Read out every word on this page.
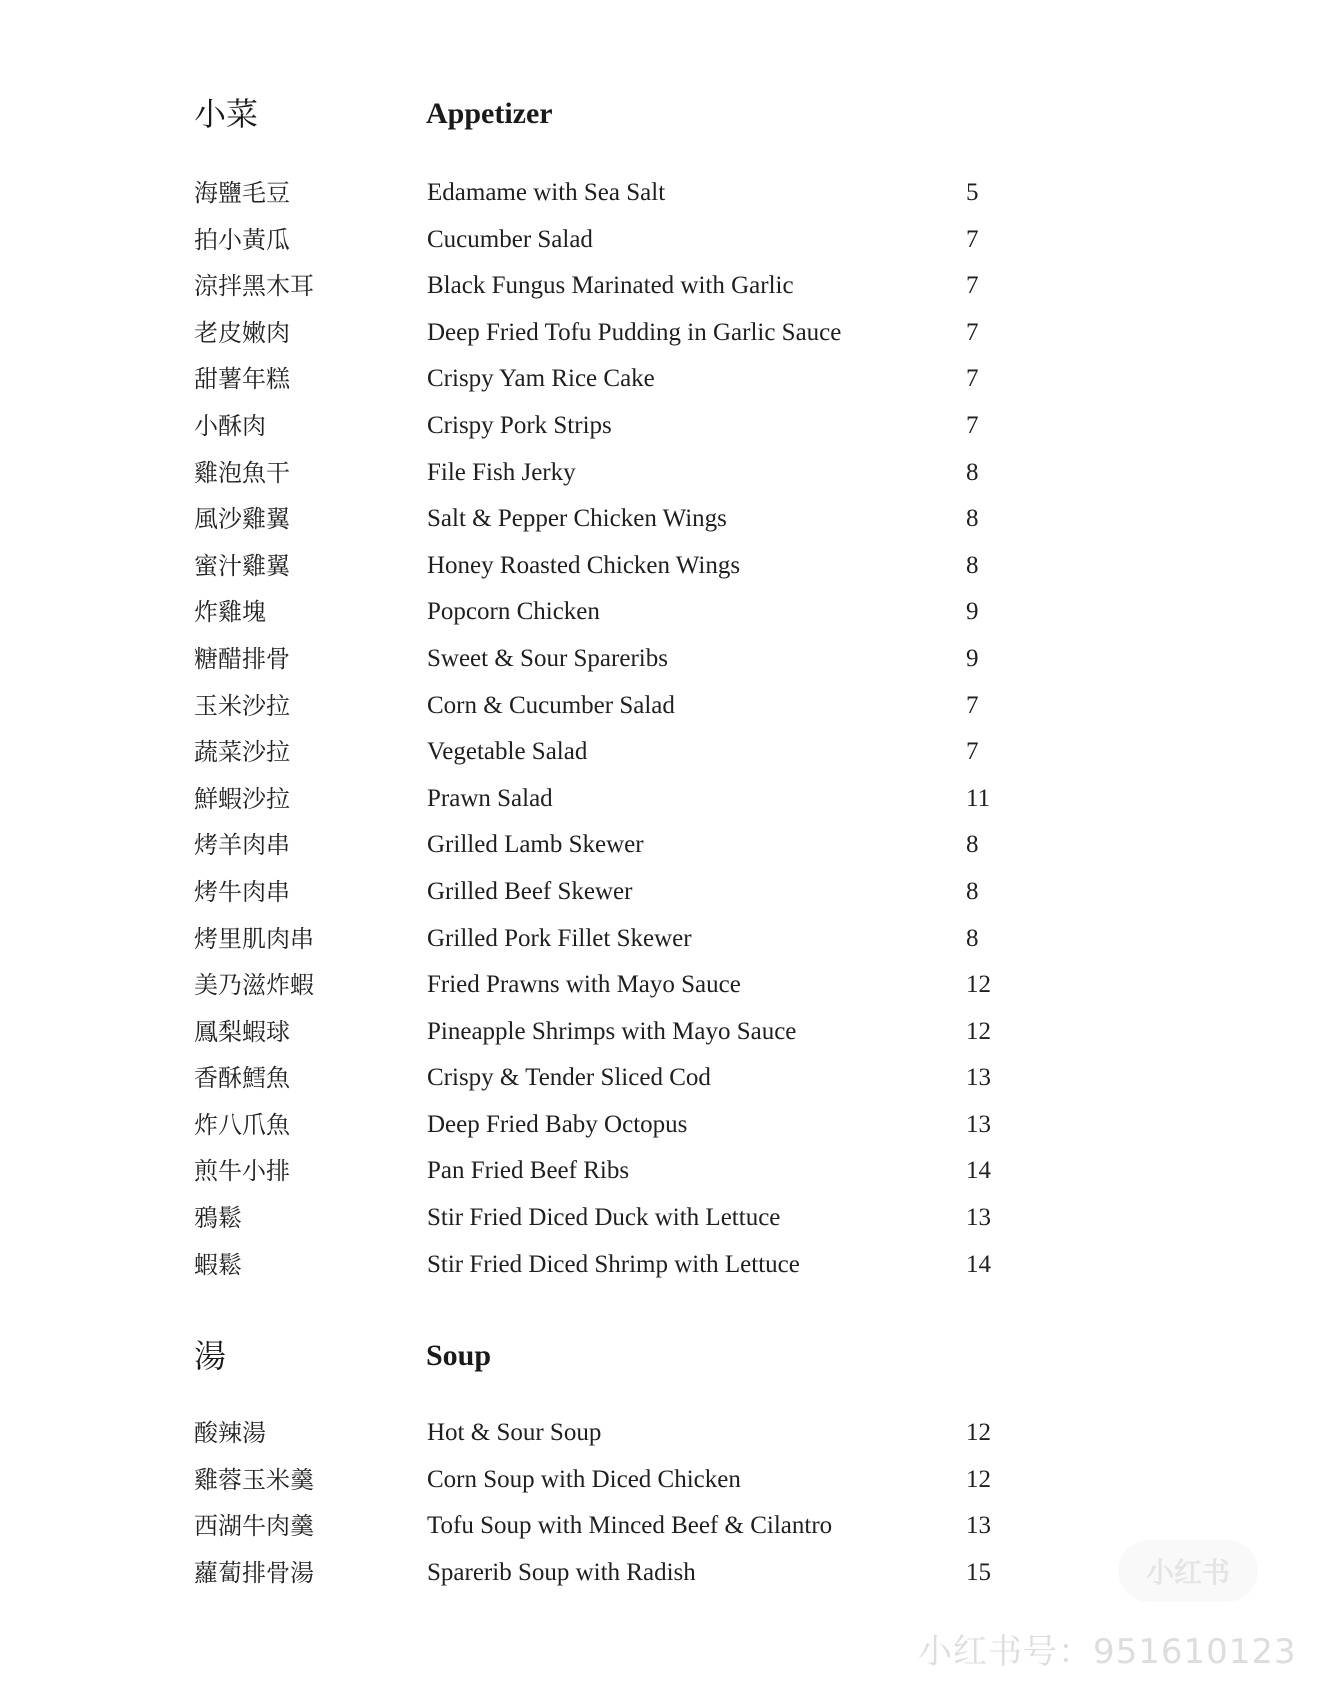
小菜	Appetizer
海鹽毛豆	Edamame with Sea Salt	5
拍小黃瓜	Cucumber Salad	7
涼拌黑木耳	Black Fungus Marinated with Garlic	7
老皮嫩肉	Deep Fried Tofu Pudding in Garlic Sauce	7
甜薯年糕	Crispy Yam Rice Cake	7
小酥肉	Crispy Pork Strips	7
雞泡魚干	File Fish Jerky	8
風沙雞翼	Salt & Pepper Chicken Wings	8
蜜汁雞翼	Honey Roasted Chicken Wings	8
炸雞塊	Popcorn Chicken	9
糖醋排骨	Sweet & Sour Spareribs	9
玉米沙拉	Corn & Cucumber Salad	7
蔬菜沙拉	Vegetable Salad	7
鮮蝦沙拉	Prawn Salad	11
烤羊肉串	Grilled Lamb Skewer	8
烤牛肉串	Grilled Beef Skewer	8
烤里肌肉串	Grilled Pork Fillet Skewer	8
美乃滋炸蝦	Fried Prawns with Mayo Sauce	12
鳳梨蝦球	Pineapple Shrimps with Mayo Sauce	12
香酥鱈魚	Crispy & Tender Sliced Cod	13
炸八爪魚	Deep Fried Baby Octopus	13
煎牛小排	Pan Fried Beef Ribs	14
鴉鬆	Stir Fried Diced Duck with Lettuce	13
蝦鬆	Stir Fried Diced Shrimp with Lettuce	14
湯	Soup
酸辣湯	Hot & Sour Soup	12
雞蓉玉米羹	Corn Soup with Diced Chicken	12
西湖牛肉羹	Tofu Soup with Minced Beef & Cilantro	13
蘿蔔排骨湯	Sparerib Soup with Radish	15	小红书
小红书号：951610123
